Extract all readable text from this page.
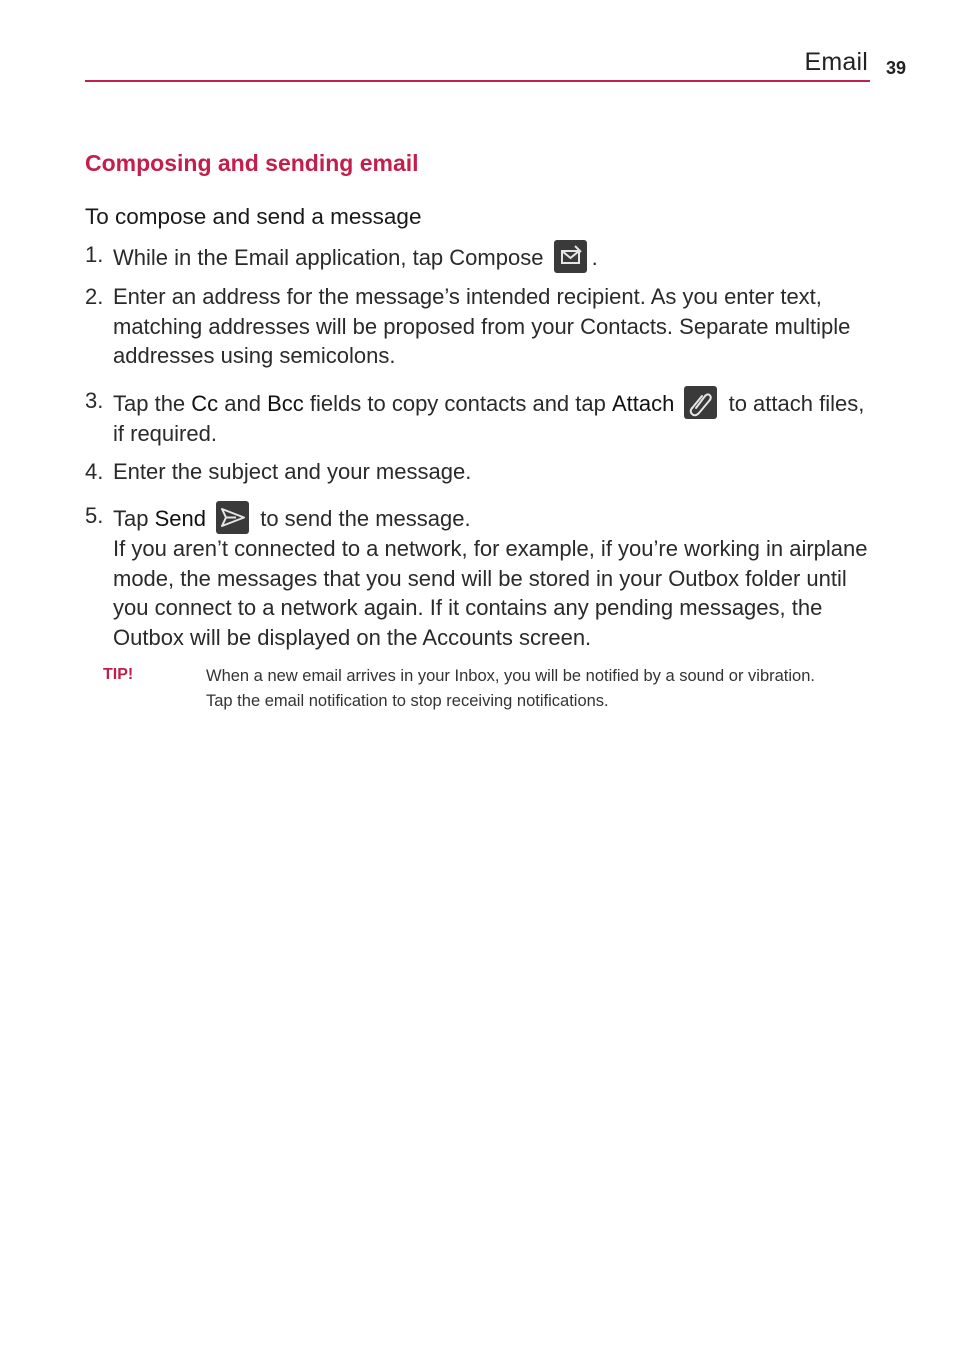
Email 39
Composing and sending email
To compose and send a message
1. While in the Email application, tap Compose .
2. Enter an address for the message’s intended recipient. As you enter text, matching addresses will be proposed from your Contacts. Separate multiple addresses using semicolons.
3. Tap the Cc and Bcc fields to copy contacts and tap Attach
to attach files, if required.
4. Enter the subject and your message.
5. Tap Send
to send the message.
If you aren’t connected to a network, for example, if you’re working in airplane mode, the messages that you send will be stored in your Outbox folder until you connect to a network again. If it contains any pending messages, the Outbox will be displayed on the Accounts screen.
TIP!	When a new email arrives in your Inbox, you will be notified by a sound or vibration.
Tap the email notification to stop receiving notifications.
